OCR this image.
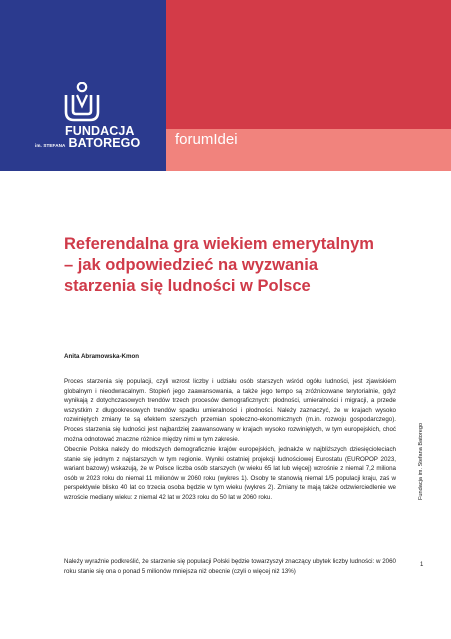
FUNDACJA
im. STEFANA BATOREGO forumIdei
Referendalna gra wiekiem emerytalnym – jak odpowiedzieć na wyzwania starzenia się ludności w Polsce
Anita Abramowska-Kmon

Proces starzenia się populacji, czyli wzrost liczby i udziału osób starszych wśród ogółu ludności, jest zjawiskiem globalnym i nieodwracalnym. Stopień jego zaawansowania, a także jego tempo są zróżnicowane terytorialnie, gdyż wynikają z dotychczasowych trendów trzech procesów demograficznych: płodności, umieralności i migracji, a przede wszystkim z długookresowych trendów spadku umieralności i płodności. Należy zaznaczyć, że w krajach wysoko rozwiniętych zmiany te są efektem szerszych przemian społeczno-ekonomicznych (m.in. rozwoju gospodarczego). Proces starzenia się ludności jest najbardziej zaawansowany w krajach wysoko rozwiniętych, w tym europejskich, choć można odnotować znaczne różnice między nimi w tym zakresie.

Obecnie Polska należy do młodszych demograficznie krajów europejskich, jednakże w najbliższych dziesięcioleciach stanie się jednym z najstarszych w tym regionie. Wyniki ostatniej projekcji ludnościowej Eurostatu (EUROPOP 2023, wariant bazowy) wskazują, że w Polsce liczba osób starszych (w wieku 65 lat lub więcej) wzrośnie z niemal 7,2 miliona osób w 2023 roku do niemal 11 milionów w 2060 roku (wykres 1). Osoby te stanowią niemal 1/5 populacji kraju, zaś w perspektywie blisko 40 lat co trzecia osoba będzie w tym wieku (wykres 2). Zmiany te mają także odzwierciedlenie we wzroście mediany wieku: z niemal 42 lat w 2023 roku do 50 lat w 2060 roku.

Należy wyraźnie podkreślić, że starzenie się populacji Polski będzie towarzyszył znaczący ubytek liczby ludności: w 2060 roku stanie się ona o ponad 5 milionów mniejsza niż obecnie (czyli o więcej niż 13%)

Fundacja im. Stefana Batorego
1
